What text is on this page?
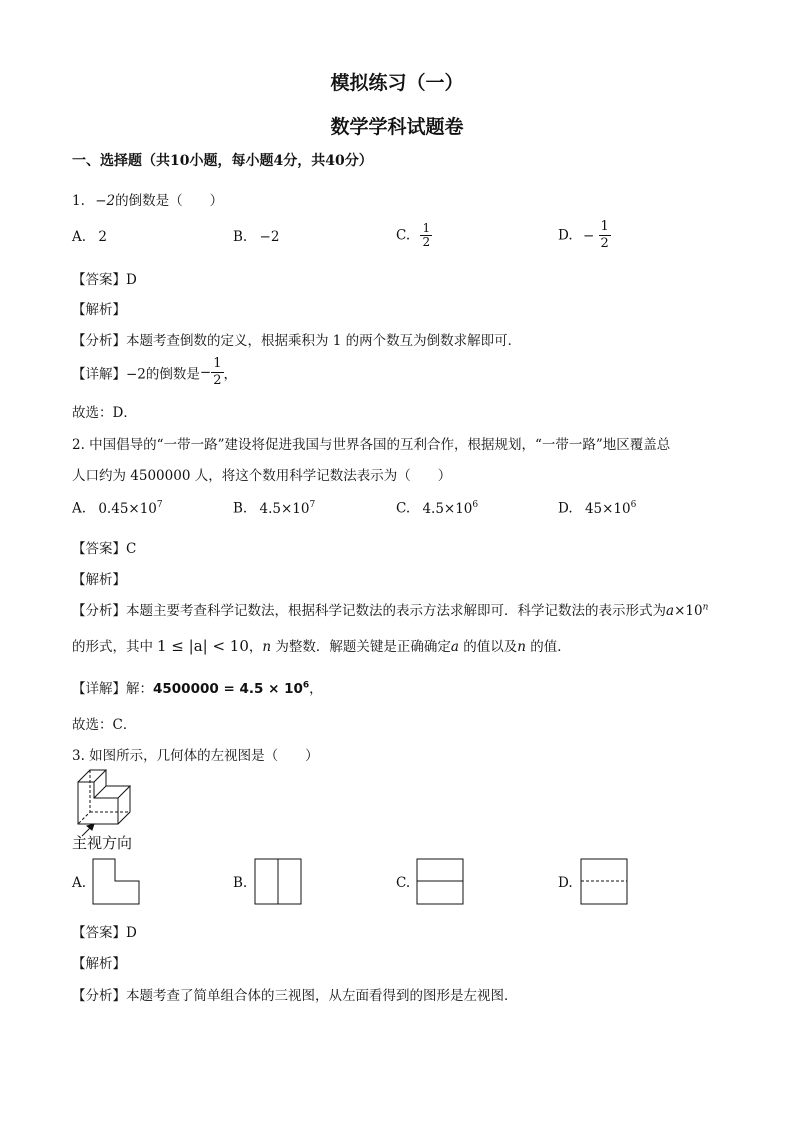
模拟练习（一）
数学学科试题卷
一、选择题（共10小题，每小题4分，共40分）
1. −2的倒数是（　　）
A. 2	B. −2	C. $\frac{1}{2}$	D. − $\frac{1}{2}$
【答案】D
【解析】
【分析】本题考查倒数的定义，根据乘积为 1 的两个数互为倒数求解即可．
【详解】−2的倒数是− $\frac{1}{2}$ ，
故选：D．
2. 中国倡导的“一带一路”建设将促进我国与世界各国的互利合作，根据规划，“一带一路”地区覆盖总
人口约为 4500000 人，将这个数用科学记数法表示为（　　）
A. $0.45\times 10^7$	B. $4.5\times 10^7$	C. $4.5\times 10^6$	D. $45\times 10^6$
【答案】C
【解析】
【分析】本题主要考查科学记数法，根据科学记数法的表示方法求解即可．科学记数法的表示形式为$a\times 10^n$
的形式，其中 1 ≤ |a| < 10，n 为整数．解题关键是正确确定a 的值以及n 的值．
【详解】解：$4500000 = 4.5 \times 10^6$，
故选：C．
3. 如图所示，几何体的左视图是（　　）
主视方向
A.	B.	C.	D.
【答案】D
【解析】
【分析】本题考查了简单组合体的三视图，从左面看得到的图形是左视图．
